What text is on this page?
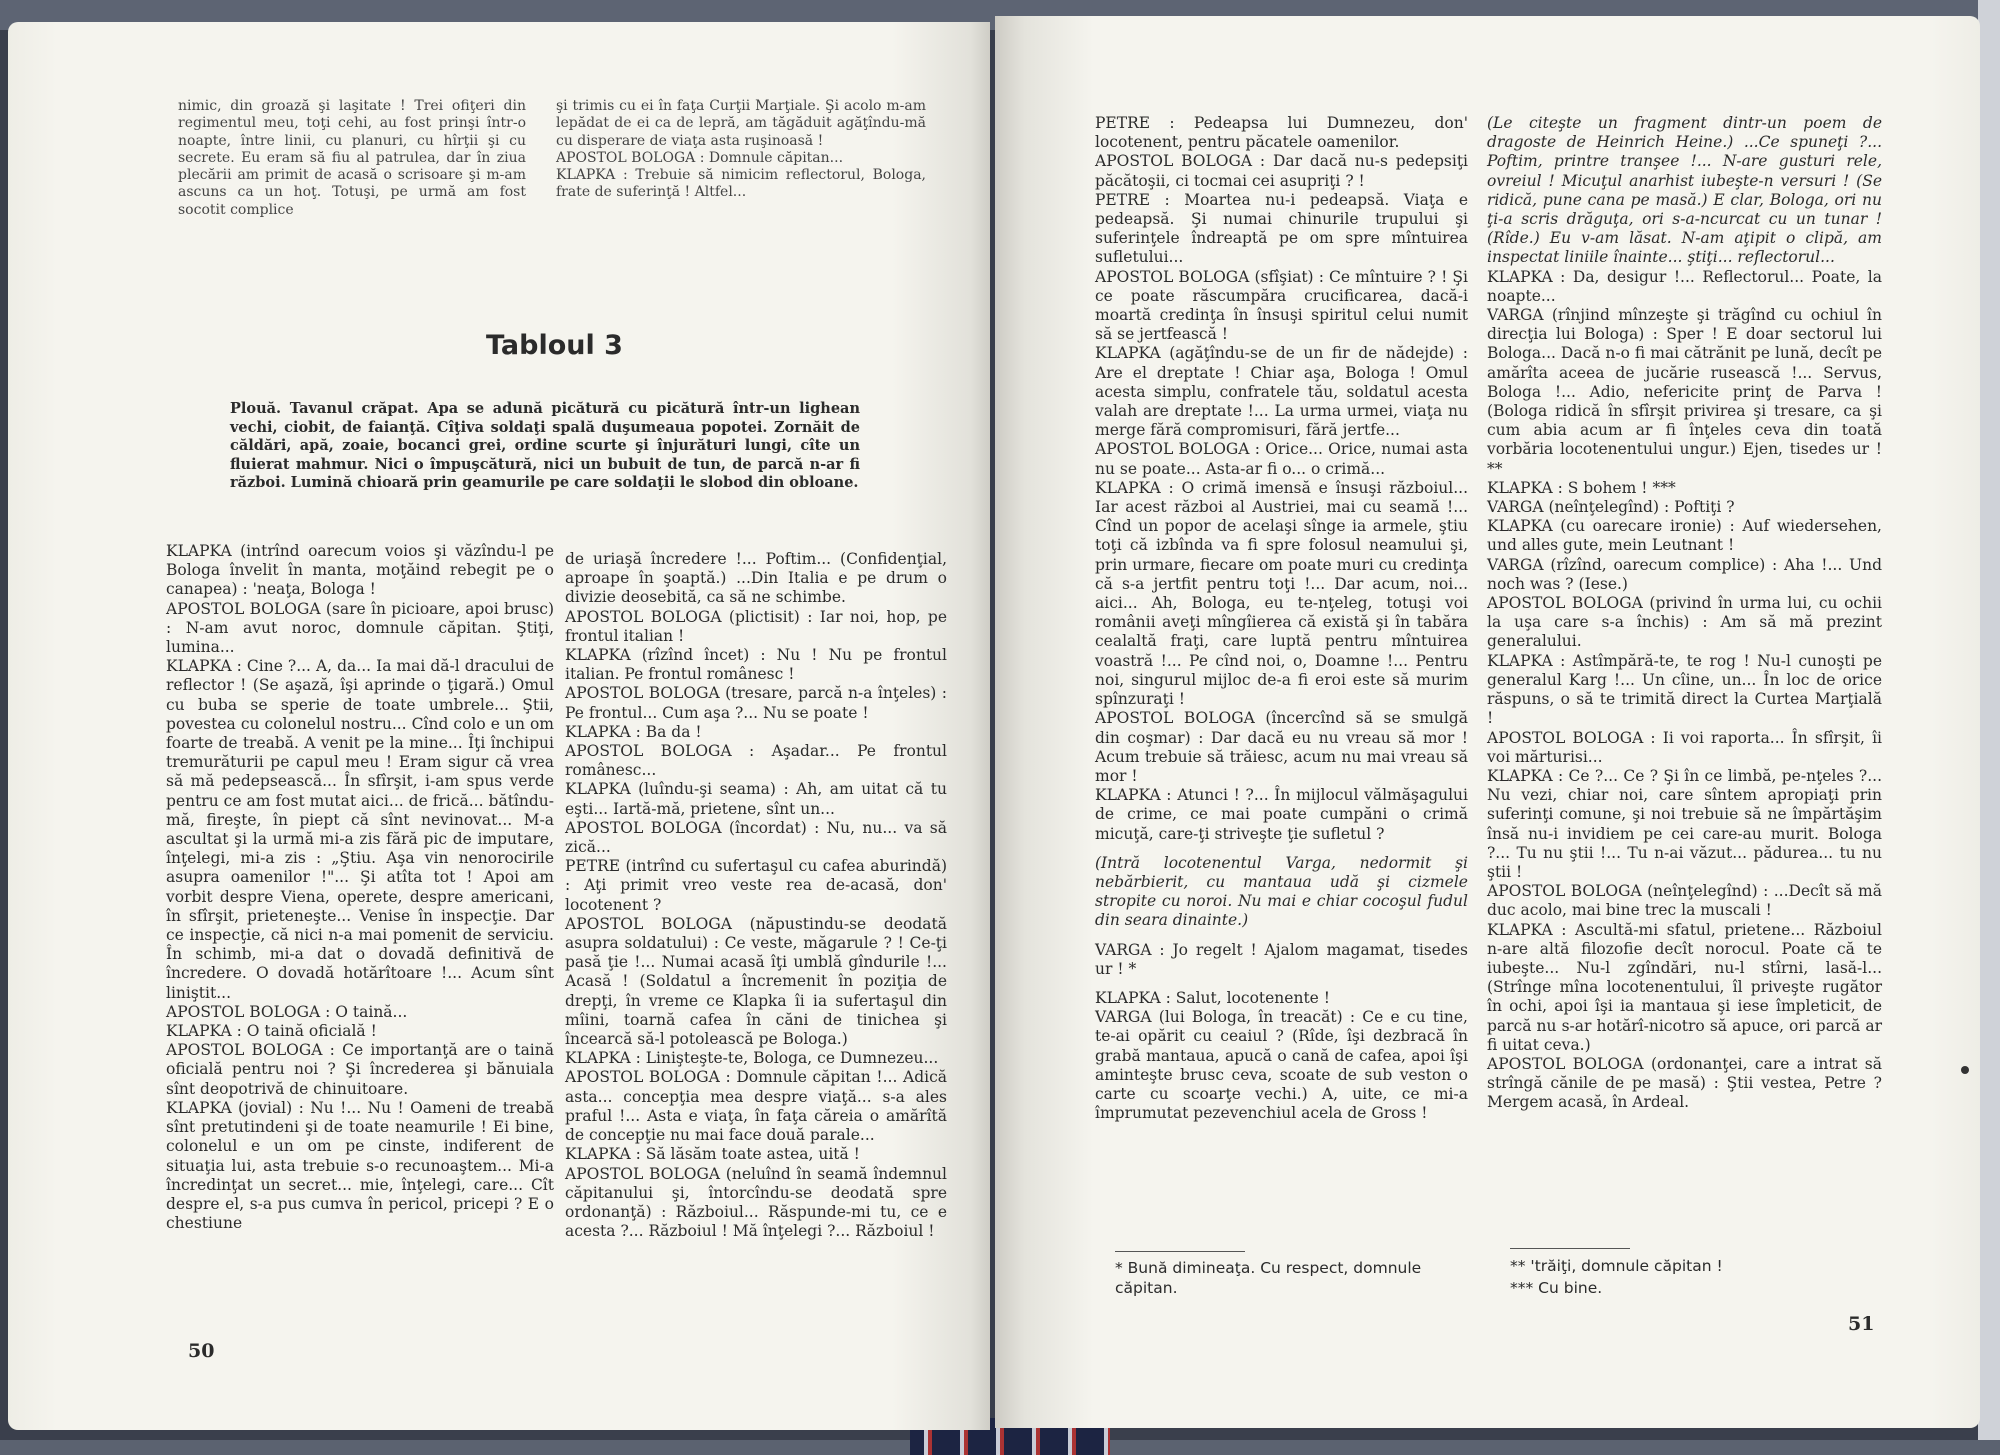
nimic, din groază şi laşitate ! Trei ofiţeri din regimentul meu, toţi cehi, au fost prinşi într-o noapte, între linii, cu planuri, cu hîrţii şi cu secrete. Eu eram să fiu al patrulea, dar în ziua plecării am primit de acasă o scrisoare şi m-am ascuns ca un hoţ. Totuşi, pe urmă am fost socotit complice

şi trimis cu ei în faţa Curţii Marţiale. Şi acolo m-am lepădat de ei ca de lepră, am tăgăduit agăţîndu-mă cu disperare de viaţa asta ruşinoasă !

APOSTOL BOLOGA : Domnule căpitan...

KLAPKA : Trebuie să nimicim reflectorul, Bologa, frate de suferinţă ! Altfel...

Tabloul 3
Plouă. Tavanul crăpat. Apa se adună picătură cu picătură într-un lighean vechi, ciobit, de faianţă. Cîţiva soldaţi spală duşumeaua popotei. Zornăit de căldări, apă, zoaie, bocanci grei, ordine scurte şi înjurături lungi, cîte un fluierat mahmur. Nici o împuşcătură, nici un bubuit de tun, de parcă n-ar fi război. Lumină chioară prin geamurile pe care soldaţii le slobod din obloane.

KLAPKA (intrînd oarecum voios şi văzîndu-l pe Bologa învelit în manta, moţăind rebegit pe o canapea) : 'neaţa, Bologa !

APOSTOL BOLOGA (sare în picioare, apoi brusc) : N-am avut noroc, domnule căpitan. Ştiţi, lumina...

KLAPKA : Cine ?... A, da... Ia mai dă-l dracului de reflector ! (Se aşază, îşi aprinde o ţigară.) Omul cu buba se sperie de toate umbrele... Ştii, povestea cu colonelul nostru... Cînd colo e un om foarte de treabă. A venit pe la mine... Îţi închipui tremurăturii pe capul meu ! Eram sigur că vrea să mă pedepsească... În sfîrşit, i-am spus verde pentru ce am fost mutat aici... de frică... bătîndu-mă, fireşte, în piept că sînt nevinovat... M-a ascultat şi la urmă mi-a zis fără pic de imputare, înţelegi, mi-a zis : „Ştiu. Aşa vin nenorocirile asupra oamenilor !"... Şi atîta tot ! Apoi am vorbit despre Viena, operete, despre americani, în sfîrşit, prieteneşte... Venise în inspecţie. Dar ce inspecţie, că nici n-a mai pomenit de serviciu. În schimb, mi-a dat o dovadă definitivă de încredere. O dovadă hotărîtoare !... Acum sînt liniştit...

APOSTOL BOLOGA : O taină...

KLAPKA : O taină oficială !

APOSTOL BOLOGA : Ce importanţă are o taină oficială pentru noi ? Şi încrederea şi bănuiala sînt deopotrivă de chinuitoare.

KLAPKA (jovial) : Nu !... Nu ! Oameni de treabă sînt pretutindeni şi de toate neamurile ! Ei bine, colonelul e un om pe cinste, indiferent de situaţia lui, asta trebuie s-o recunoaştem... Mi-a încredinţat un secret... mie, înţelegi, care... Cît despre el, s-a pus cumva în pericol, pricepi ? E o chestiune

de uriaşă încredere !... Poftim... (Confidenţial, aproape în şoaptă.) ...Din Italia e pe drum o divizie deosebită, ca să ne schimbe.

APOSTOL BOLOGA (plictisit) : Iar noi, hop, pe frontul italian !

KLAPKA (rîzînd încet) : Nu ! Nu pe frontul italian. Pe frontul românesc !

APOSTOL BOLOGA (tresare, parcă n-a înţeles) : Pe frontul... Cum aşa ?... Nu se poate !

KLAPKA : Ba da !

APOSTOL BOLOGA : Aşadar... Pe frontul românesc...

KLAPKA (luîndu-şi seama) : Ah, am uitat că tu eşti... Iartă-mă, prietene, sînt un...

APOSTOL BOLOGA (încordat) : Nu, nu... va să zică...

PETRE (intrînd cu sufertaşul cu cafea aburindă) : Aţi primit vreo veste rea de-acasă, don' locotenent ?

APOSTOL BOLOGA (năpustindu-se deodată asupra soldatului) : Ce veste, măgarule ? ! Ce-ţi pasă ţie !... Numai acasă îţi umblă gîndurile !... Acasă ! (Soldatul a încremenit în poziţia de drepţi, în vreme ce Klapka îi ia sufertaşul din mîini, toarnă cafea în căni de tinichea şi încearcă să-l potolească pe Bologa.)

KLAPKA : Linişteşte-te, Bologa, ce Dumnezeu...

APOSTOL BOLOGA : Domnule căpitan !... Adică asta... concepţia mea despre viaţă... s-a ales praful !... Asta e viaţa, în faţa căreia o amărîtă de concepţie nu mai face două parale...

KLAPKA : Să lăsăm toate astea, uită !

APOSTOL BOLOGA (neluînd în seamă îndemnul căpitanului şi, întorcîndu-se deodată spre ordonanţă) : Războiul... Răspunde-mi tu, ce e acesta ?... Războiul ! Mă înţelegi ?... Războiul !

50

PETRE : Pedeapsa lui Dumnezeu, don' locotenent, pentru păcatele oamenilor.

APOSTOL BOLOGA : Dar dacă nu-s pedepsiţi păcătoşii, ci tocmai cei asupriţi ? !

PETRE : Moartea nu-i pedeapsă. Viaţa e pedeapsă. Şi numai chinurile trupului şi suferinţele îndreaptă pe om spre mîntuirea sufletului...

APOSTOL BOLOGA (sfîşiat) : Ce mîntuire ? ! Şi ce poate răscumpăra crucificarea, dacă-i moartă credinţa în însuşi spiritul celui numit să se jertfească !

KLAPKA (agăţîndu-se de un fir de nădejde) : Are el dreptate ! Chiar aşa, Bologa ! Omul acesta simplu, confratele tău, soldatul acesta valah are dreptate !... La urma urmei, viaţa nu merge fără compromisuri, fără jertfe...

APOSTOL BOLOGA : Orice... Orice, numai asta nu se poate... Asta-ar fi o... o crimă...

KLAPKA : O crimă imensă e însuşi războiul... Iar acest război al Austriei, mai cu seamă !... Cînd un popor de acelaşi sînge ia armele, ştiu toţi că izbînda va fi spre folosul neamului şi, prin urmare, fiecare om poate muri cu credinţa că s-a jertfit pentru toţi !... Dar acum, noi... aici... Ah, Bologa, eu te-nţeleg, totuşi voi românii aveţi mîngîierea că există şi în tabăra cealaltă fraţi, care luptă pentru mîntuirea voastră !... Pe cînd noi, o, Doamne !... Pentru noi, singurul mijloc de-a fi eroi este să murim spînzuraţi !

APOSTOL BOLOGA (încercînd să se smulgă din coşmar) : Dar dacă eu nu vreau să mor ! Acum trebuie să trăiesc, acum nu mai vreau să mor !

KLAPKA : Atunci ! ?... În mijlocul vălmăşagului de crime, ce mai poate cumpăni o crimă micuţă, care-ţi striveşte ţie sufletul ?

(Intră locotenentul Varga, nedormit şi nebărbierit, cu mantaua udă şi cizmele stropite cu noroi. Nu mai e chiar cocoşul fudul din seara dinainte.)

VARGA : Jo regelt ! Ajalom magamat, tisedes ur ! *

KLAPKA : Salut, locotenente !

VARGA (lui Bologa, în treacăt) : Ce e cu tine, te-ai opărit cu ceaiul ? (Rîde, îşi dezbracă în grabă mantaua, apucă o cană de cafea, apoi îşi aminteşte brusc ceva, scoate de sub veston o carte cu scoarţe vechi.) A, uite, ce mi-a împrumutat pezevenchiul acela de Gross !

* Bună dimineaţa. Cu respect, domnule căpitan.

(Le citeşte un fragment dintr-un poem de dragoste de Heinrich Heine.) ...Ce spuneţi ?... Poftim, printre tranşee !... N-are gusturi rele, ovreiul ! Micuţul anarhist iubeşte-n versuri ! (Se ridică, pune cana pe masă.) E clar, Bologa, ori nu ţi-a scris drăguţa, ori s-a-ncurcat cu un tunar ! (Rîde.) Eu v-am lăsat. N-am aţipit o clipă, am inspectat liniile înainte... ştiţi... reflectorul...

KLAPKA : Da, desigur !... Reflectorul... Poate, la noapte...

VARGA (rînjind mînzeşte şi trăgînd cu ochiul în direcţia lui Bologa) : Sper ! E doar sectorul lui Bologa... Dacă n-o fi mai cătrănit pe lună, decît pe amărîta aceea de jucărie rusească !... Servus, Bologa !... Adio, nefericite prinţ de Parva ! (Bologa ridică în sfîrşit privirea şi tresare, ca şi cum abia acum ar fi înţeles ceva din toată vorbăria locotenentului ungur.) Ejen, tisedes ur ! **

KLAPKA : S bohem ! ***

VARGA (neînţelegînd) : Poftiţi ?

KLAPKA (cu oarecare ironie) : Auf wiedersehen, und alles gute, mein Leutnant !

VARGA (rîzînd, oarecum complice) : Aha !... Und noch was ? (Iese.)

APOSTOL BOLOGA (privind în urma lui, cu ochii la uşa care s-a închis) : Am să mă prezint generalului.

KLAPKA : Astîmpără-te, te rog ! Nu-l cunoşti pe generalul Karg !... Un cîine, un... În loc de orice răspuns, o să te trimită direct la Curtea Marţială !

APOSTOL BOLOGA : Ii voi raporta... În sfîrşit, îi voi mărturisi...

KLAPKA : Ce ?... Ce ? Şi în ce limbă, pe-nţeles ?... Nu vezi, chiar noi, care sîntem apropiaţi prin suferinţi comune, şi noi trebuie să ne împărtăşim însă nu-i invidiem pe cei care-au murit. Bologa ?... Tu nu ştii !... Tu n-ai văzut... pădurea... tu nu ştii !

APOSTOL BOLOGA (neînţelegînd) : ...Decît să mă duc acolo, mai bine trec la muscali !

KLAPKA : Ascultă-mi sfatul, prietene... Războiul n-are altă filozofie decît norocul. Poate că te iubeşte... Nu-l zgîndări, nu-l stîrni, lasă-l... (Strînge mîna locotenentului, îl priveşte rugător în ochi, apoi îşi ia mantaua şi iese împleticit, de parcă nu s-ar hotărî-nicotro să apuce, ori parcă ar fi uitat ceva.)

APOSTOL BOLOGA (ordonanţei, care a intrat să strîngă cănile de pe masă) : Ştii vestea, Petre ? Mergem acasă, în Ardeal.

** 'trăiţi, domnule căpitan !
*** Cu bine.
51
